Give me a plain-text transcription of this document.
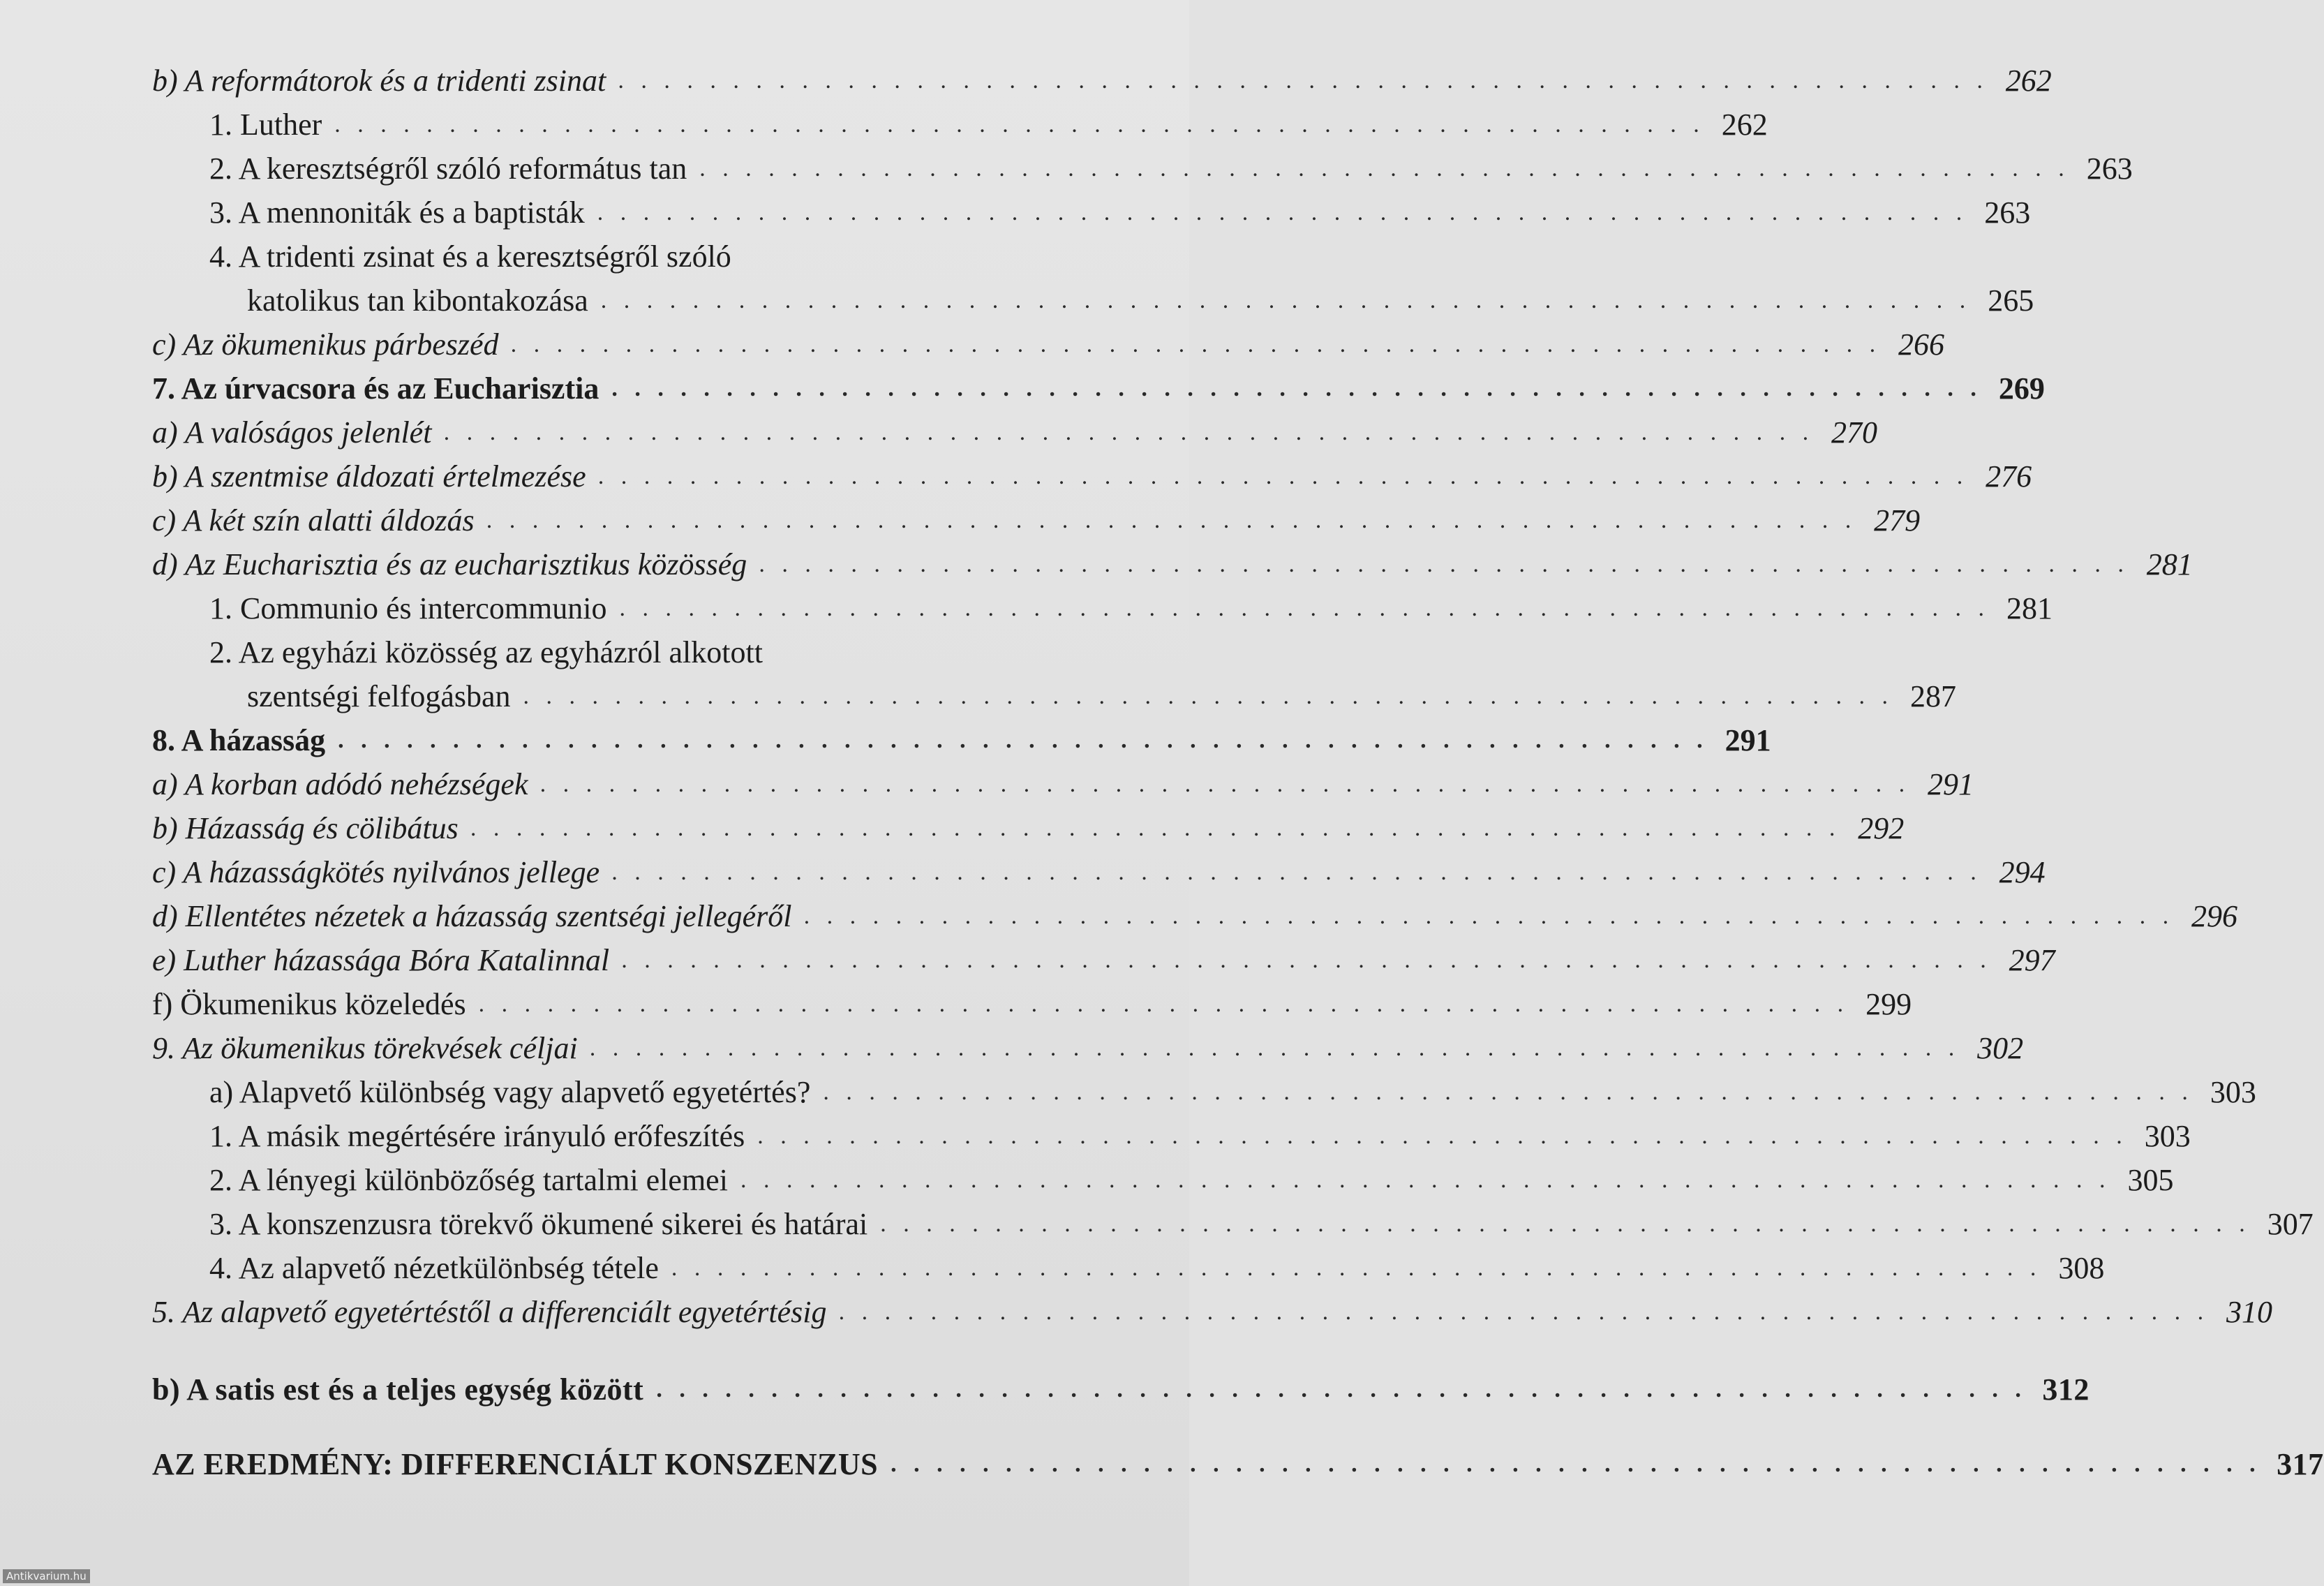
b) A reformátorok és a tridenti zsinat . . . . . . . . . . . . . . . . . . . . . . . . . . . . . . . . . . . . . . . . . . . . . . . . . . . . . . . . . . . . 262
1. Luther . . . . . . . . . . . . . . . . . . . . . . . . . . . . . . . . . . . . . . . . . . . . . . . . . . . . . . . . . . . . 262
2. A keresztségről szóló református tan . . . . . . . . . . . . . . . . . . . . . . . . . . . . . . . . . . . . . . . . . . . . . . . . . . . . . . . . . . . . 263
3. A mennoniták és a baptisták . . . . . . . . . . . . . . . . . . . . . . . . . . . . . . . . . . . . . . . . . . . . . . . . . . . . . . . . . . . . 263
4. A tridenti zsinat és a keresztségről szóló
katolikus tan kibontakozása . . . . . . . . . . . . . . . . . . . . . . . . . . . . . . . . . . . . . . . . . . . . . . . . . . . . . . . . . . . . 265
c) Az ökumenikus párbeszéd . . . . . . . . . . . . . . . . . . . . . . . . . . . . . . . . . . . . . . . . . . . . . . . . . . . . . . . . . . . . 266
7. Az úrvacsora és az Eucharisztia . . . . . . . . . . . . . . . . . . . . . . . . . . . . . . . . . . . . . . . . . . . . . . . . . . . . . . . . . . . . 269
a) A valóságos jelenlét . . . . . . . . . . . . . . . . . . . . . . . . . . . . . . . . . . . . . . . . . . . . . . . . . . . . . . . . . . . . 270
b) A szentmise áldozati értelmezése . . . . . . . . . . . . . . . . . . . . . . . . . . . . . . . . . . . . . . . . . . . . . . . . . . . . . . . . . . . . 276
c) A két szín alatti áldozás . . . . . . . . . . . . . . . . . . . . . . . . . . . . . . . . . . . . . . . . . . . . . . . . . . . . . . . . . . . . 279
d) Az Eucharisztia és az eucharisztikus közösség . . . . . . . . . . . . . . . . . . . . . . . . . . . . . . . . . . . . . . . . . . . . . . . . . . . . . . . . . . . . 281
1. Communio és intercommunio . . . . . . . . . . . . . . . . . . . . . . . . . . . . . . . . . . . . . . . . . . . . . . . . . . . . . . . . . . . . 281
2. Az egyházi közösség az egyházról alkotott
szentségi felfogásban . . . . . . . . . . . . . . . . . . . . . . . . . . . . . . . . . . . . . . . . . . . . . . . . . . . . . . . . . . . . 287
8. A házasság . . . . . . . . . . . . . . . . . . . . . . . . . . . . . . . . . . . . . . . . . . . . . . . . . . . . . . . . . . . . 291
a) A korban adódó nehézségek . . . . . . . . . . . . . . . . . . . . . . . . . . . . . . . . . . . . . . . . . . . . . . . . . . . . . . . . . . . . 291
b) Házasság és cölibátus . . . . . . . . . . . . . . . . . . . . . . . . . . . . . . . . . . . . . . . . . . . . . . . . . . . . . . . . . . . . 292
c) A házasságkötés nyilvános jellege . . . . . . . . . . . . . . . . . . . . . . . . . . . . . . . . . . . . . . . . . . . . . . . . . . . . . . . . . . . . 294
d) Ellentétes nézetek a házasság szentségi jellegéről . . . . . . . . . . . . . . . . . . . . . . . . . . . . . . . . . . . . . . . . . . . . . . . . . . . . . . . . . . . . 296
e) Luther házassága Bóra Katalinnal . . . . . . . . . . . . . . . . . . . . . . . . . . . . . . . . . . . . . . . . . . . . . . . . . . . . . . . . . . . . 297
f) Ökumenikus közeledés . . . . . . . . . . . . . . . . . . . . . . . . . . . . . . . . . . . . . . . . . . . . . . . . . . . . . . . . . . . . 299
9. Az ökumenikus törekvések céljai . . . . . . . . . . . . . . . . . . . . . . . . . . . . . . . . . . . . . . . . . . . . . . . . . . . . . . . . . . . . 302
a) Alapvető különbség vagy alapvető egyetértés? . . . . . . . . . . . . . . . . . . . . . . . . . . . . . . . . . . . . . . . . . . . . . . . . . . . . . . . . . . . . 303
1. A másik megértésére irányuló erőfeszítés . . . . . . . . . . . . . . . . . . . . . . . . . . . . . . . . . . . . . . . . . . . . . . . . . . . . . . . . . . . . 303
2. A lényegi különbözőség tartalmi elemei . . . . . . . . . . . . . . . . . . . . . . . . . . . . . . . . . . . . . . . . . . . . . . . . . . . . . . . . . . . . 305
3. A konszenzusra törekvő ökumené sikerei és határai . . . . . . . . . . . . . . . . . . . . . . . . . . . . . . . . . . . . . . . . . . . . . . . . . . . . . . . . . . . . 307
4. Az alapvető nézetkülönbség tétele . . . . . . . . . . . . . . . . . . . . . . . . . . . . . . . . . . . . . . . . . . . . . . . . . . . . . . . . . . . . 308
5. Az alapvető egyetértéstől a differenciált egyetértésig . . . . . . . . . . . . . . . . . . . . . . . . . . . . . . . . . . . . . . . . . . . . . . . . . . . . . . . . . . . . 310
b) A satis est és a teljes egység között . . . . . . . . . . . . . . . . . . . . . . . . . . . . . . . . . . . . . . . . . . . . . . . . . . . . . . . . . . . . 312
AZ EREDMÉNY: DIFFERENCIÁLT KONSZENZUS . . . . . . . . . . . . . . . . . . . . . . . . . . . . . . . . . . . . . . . . . . . . . . . . . . . . . . . . . . . . 317
Antikvarium.hu
